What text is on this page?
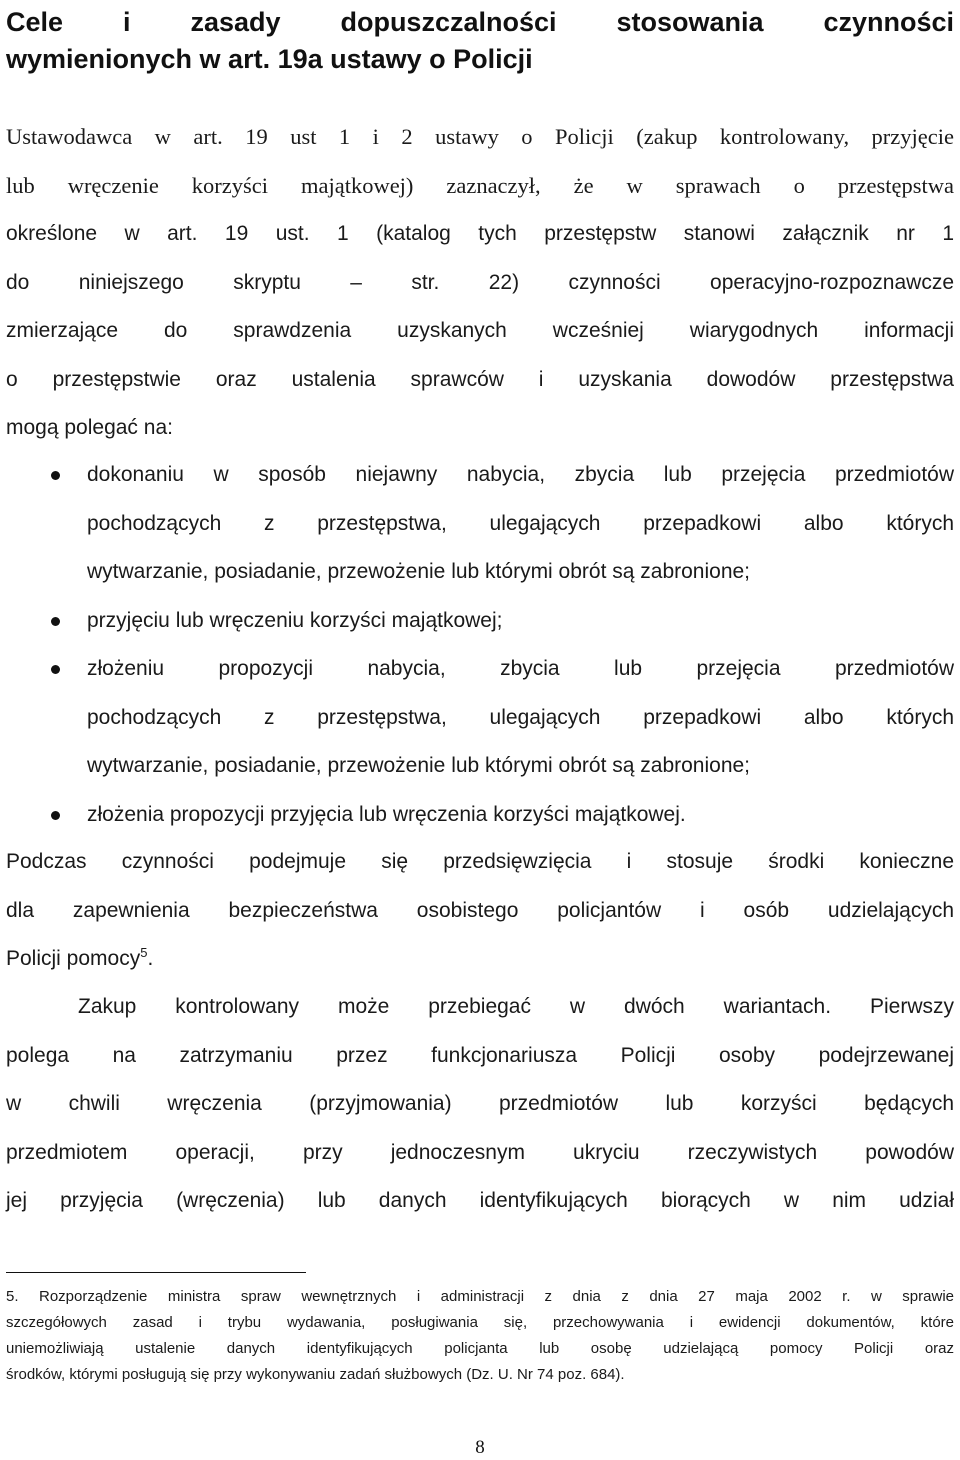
Cele i zasady dopuszczalności stosowania czynności
wymienionych w art. 19a ustawy o Policji
Ustawodawca w art. 19 ust 1 i 2 ustawy o Policji (zakup kontrolowany, przyjęcie
lub wręczenie korzyści majątkowej) zaznaczył, że w sprawach o przestępstwa
określone w art. 19 ust. 1 (katalog tych przestępstw stanowi załącznik nr 1
do niniejszego skryptu – str. 22) czynności operacyjno-rozpoznawcze
zmierzające do sprawdzenia uzyskanych wcześniej wiarygodnych informacji
o przestępstwie oraz ustalenia sprawców i uzyskania dowodów przestępstwa
mogą polegać na:
dokonaniu w sposób niejawny nabycia, zbycia lub przejęcia przedmiotów
pochodzących z przestępstwa, ulegających przepadkowi albo których
wytwarzanie, posiadanie, przewożenie lub którymi obrót są zabronione;
przyjęciu lub wręczeniu korzyści majątkowej;
złożeniu propozycji nabycia, zbycia lub przejęcia przedmiotów
pochodzących z przestępstwa, ulegających przepadkowi albo których
wytwarzanie, posiadanie, przewożenie lub którymi obrót są zabronione;
złożenia propozycji przyjęcia lub wręczenia korzyści majątkowej.
Podczas czynności podejmuje się przedsięwzięcia i stosuje środki konieczne
dla zapewnienia bezpieczeństwa osobistego policjantów i osób udzielających
Policji pomocy$^5$.
Zakup kontrolowany może przebiegać w dwóch wariantach. Pierwszy
polega na zatrzymaniu przez funkcjonariusza Policji osoby podejrzewanej
w chwili wręczenia (przyjmowania) przedmiotów lub korzyści będących
przedmiotem operacji, przy jednoczesnym ukryciu rzeczywistych powodów
jej przyjęcia (wręczenia) lub danych identyfikujących biorących w nim udział
5. Rozporządzenie ministra spraw wewnętrznych i administracji z dnia z dnia 27 maja 2002 r. w sprawie
szczegółowych zasad i trybu wydawania, posługiwania się, przechowywania i ewidencji dokumentów, które
uniemożliwiają ustalenie danych identyfikujących policjanta lub osobę udzielającą pomocy Policji oraz
środków, którymi posługują się przy wykonywaniu zadań służbowych (Dz. U. Nr 74 poz. 684).
8
